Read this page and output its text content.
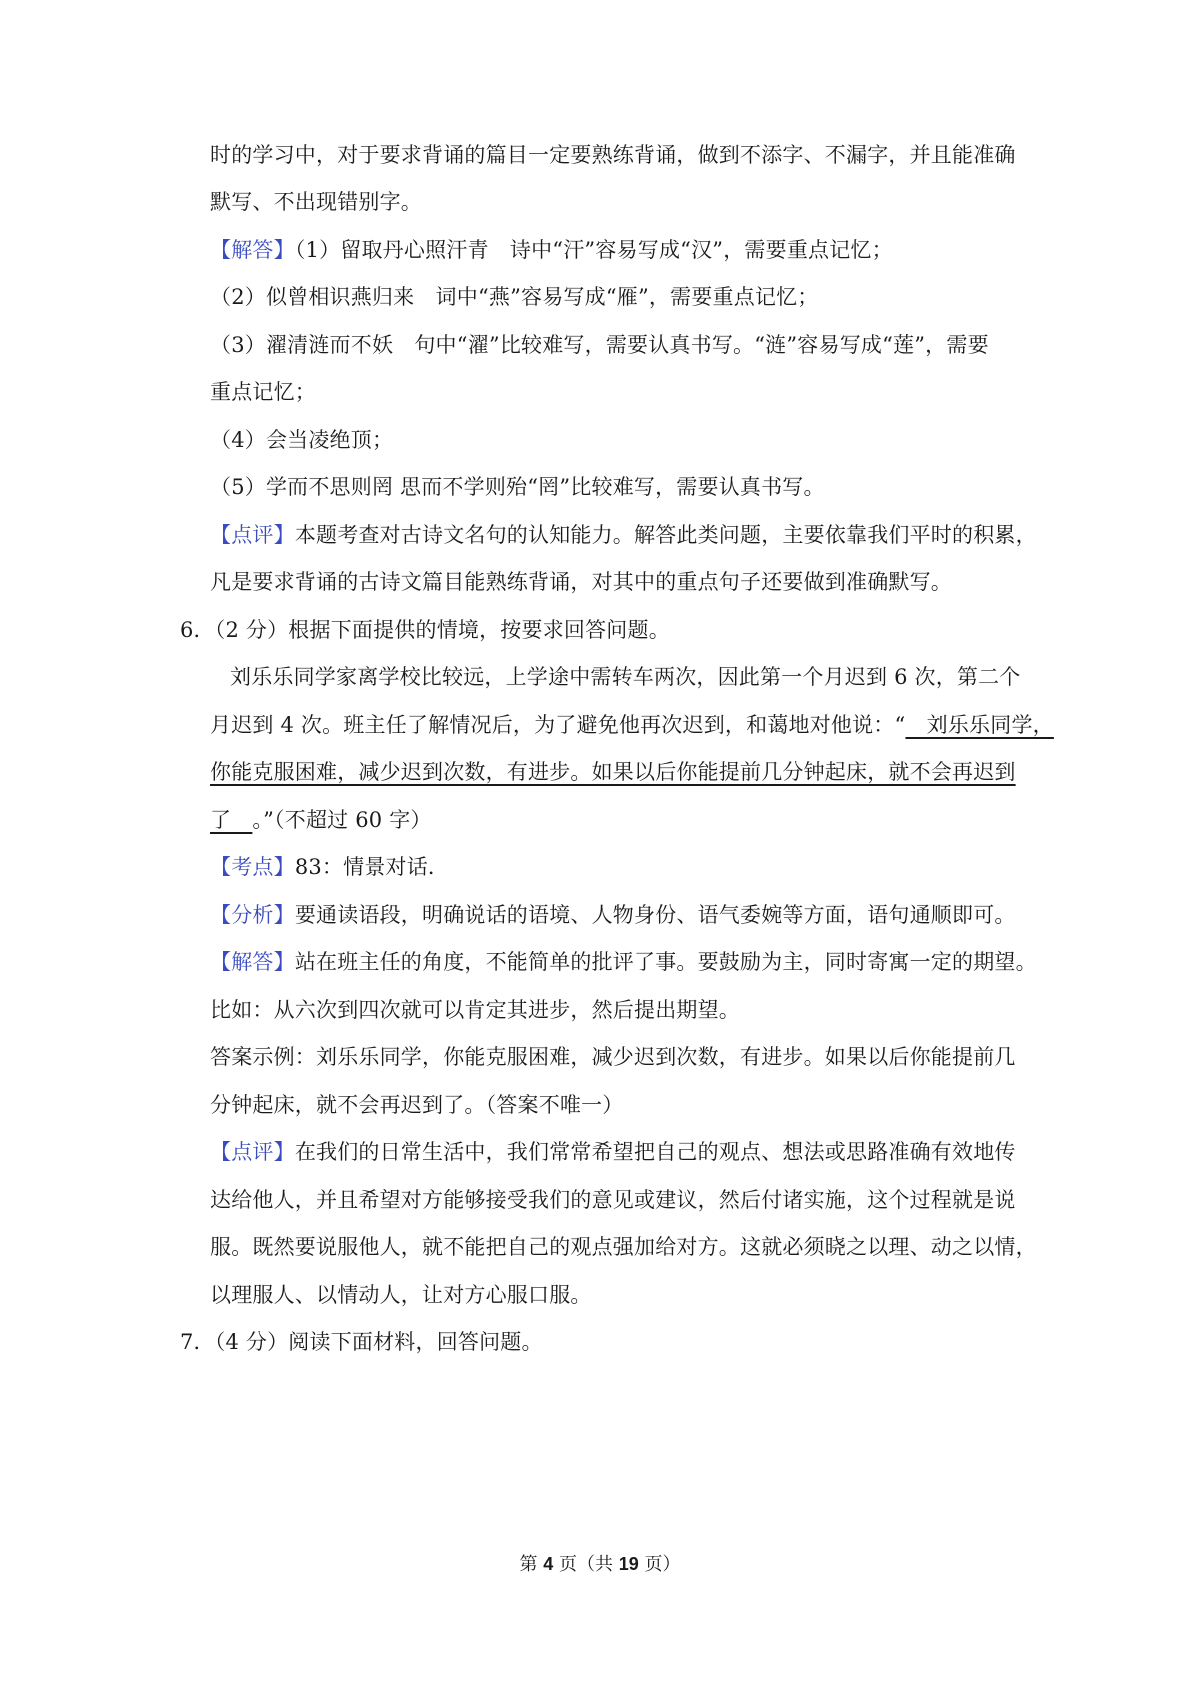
时的学习中，对于要求背诵的篇目一定要熟练背诵，做到不添字、不漏字，并且能准确
默写、不出现错别字。
【解答】（1）留取丹心照汗青　诗中“汗”容易写成“汉”，需要重点记忆；
（2）似曾相识燕归来　词中“燕”容易写成“雁”，需要重点记忆；
（3）濯清涟而不妖　句中“濯”比较难写，需要认真书写。“涟”容易写成“莲”，需要
重点记忆；
（4）会当凌绝顶；
（5）学而不思则罔 思而不学则殆“罔”比较难写，需要认真书写。
【点评】本题考查对古诗文名句的认知能力。解答此类问题，主要依靠我们平时的积累，
凡是要求背诵的古诗文篇目能熟练背诵，对其中的重点句子还要做到准确默写。
6．（2 分）根据下面提供的情境，按要求回答问题。
刘乐乐同学家离学校比较远，上学途中需转车两次，因此第一个月迟到 6 次，第二个
月迟到 4 次。班主任了解情况后，为了避免他再次迟到，和蔼地对他说：“　刘乐乐同学，
你能克服困难，减少迟到次数，有进步。如果以后你能提前几分钟起床，就不会再迟到
了　。”（不超过 60 字）
【考点】83：情景对话．
【分析】要通读语段，明确说话的语境、人物身份、语气委婉等方面，语句通顺即可。
【解答】站在班主任的角度，不能简单的批评了事。要鼓励为主，同时寄寓一定的期望。
比如：从六次到四次就可以肯定其进步，然后提出期望。
答案示例：刘乐乐同学，你能克服困难，减少迟到次数，有进步。如果以后你能提前几
分钟起床，就不会再迟到了。（答案不唯一）
【点评】在我们的日常生活中，我们常常希望把自己的观点、想法或思路准确有效地传
达给他人，并且希望对方能够接受我们的意见或建议，然后付诸实施，这个过程就是说
服。既然要说服他人，就不能把自己的观点强加给对方。这就必须晓之以理、动之以情，
以理服人、以情动人，让对方心服口服。
7．（4 分）阅读下面材料，回答问题。
第 4 页（共 19 页）
